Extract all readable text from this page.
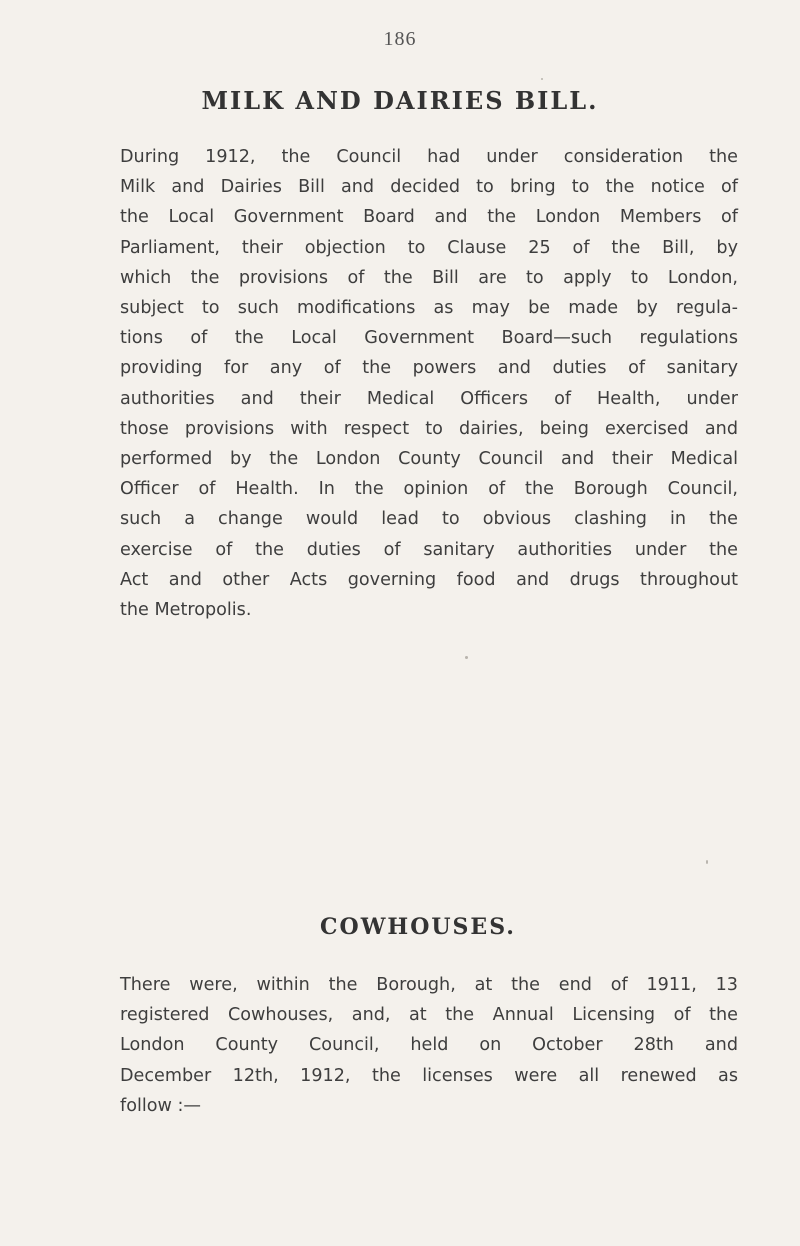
186
MILK AND DAIRIES BILL.
During 1912, the Council had under consideration the
Milk and Dairies Bill and decided to bring to the notice of
the Local Government Board and the London Members of
Parliament, their objection to Clause 25 of the Bill, by
which the provisions of the Bill are to apply to London,
subject to such modifications as may be made by regula-
tions of the Local Government Board—such regulations
providing for any of the powers and duties of sanitary
authorities and their Medical Officers of Health, under
those provisions with respect to dairies, being exercised and
performed by the London County Council and their Medical
Officer of Health. In the opinion of the Borough Council,
such a change would lead to obvious clashing in the
exercise of the duties of sanitary authorities under the
Act and other Acts governing food and drugs throughout
the Metropolis.
COWHOUSES.
There were, within the Borough, at the end of 1911, 13
registered Cowhouses, and, at the Annual Licensing of the
London County Council, held on October 28th and
December 12th, 1912, the licenses were all renewed as
follow :—
